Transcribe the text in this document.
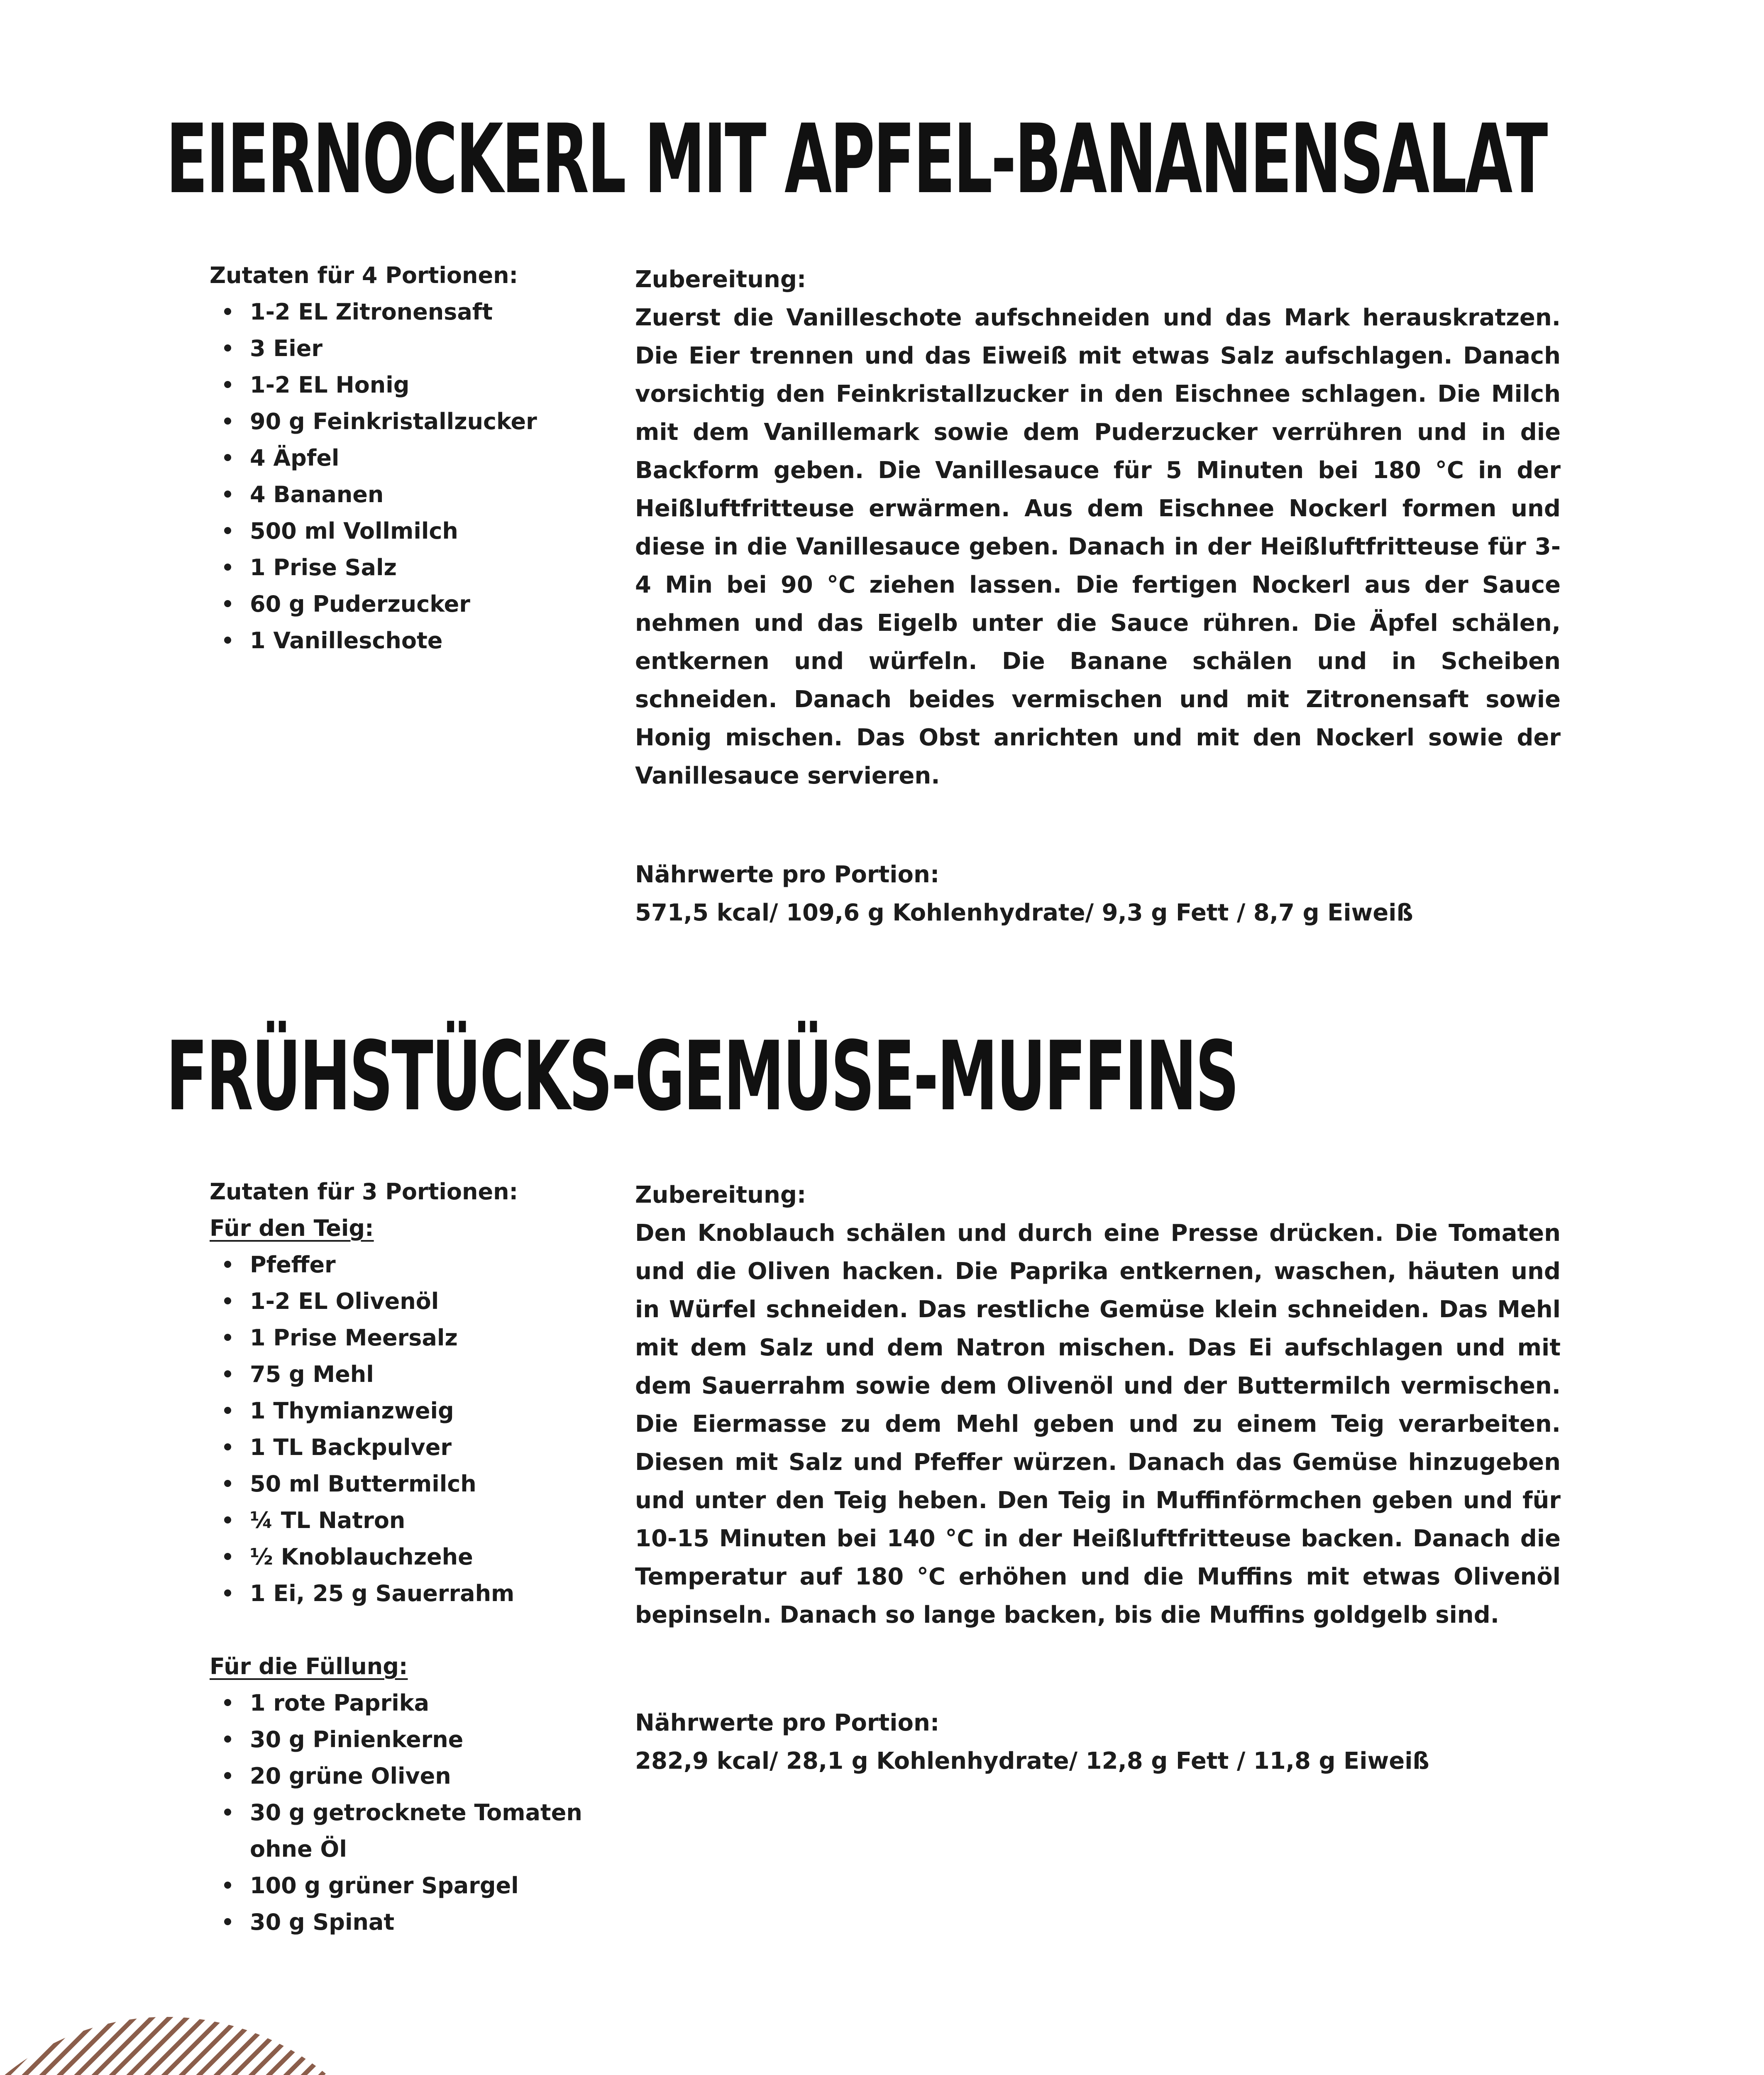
EIERNOCKERL MIT APFEL-BANANENSALAT
Zutaten für 4 Portionen:
1-2 EL Zitronensaft
3 Eier
1-2 EL Honig
90 g Feinkristallzucker
4 Äpfel
4 Bananen
500 ml Vollmilch
1 Prise Salz
60 g Puderzucker
1 Vanilleschote
Zubereitung:

Zuerst die Vanilleschote aufschneiden und das Mark herauskratzen. Die Eier trennen und das Eiweiß mit etwas Salz aufschlagen. Danach vorsichtig den Feinkristallzucker in den Eischnee schlagen. Die Milch mit dem Vanillemark sowie dem Puderzucker verrühren und in die Backform geben. Die Vanillesauce für 5 Minuten bei 180 °C in der Heißluftfritteuse erwärmen. Aus dem Eischnee Nockerl formen und diese in die Vanillesauce geben. Danach in der Heißluftfritteuse für 3-4 Min bei 90 °C ziehen lassen. Die fertigen Nockerl aus der Sauce nehmen und das Eigelb unter die Sauce rühren. Die Äpfel schälen, entkernen und würfeln. Die Banane schälen und in Scheiben schneiden. Danach beides vermischen und mit Zitronensaft sowie Honig mischen. Das Obst anrichten und mit den Nockerl sowie der Vanillesauce servieren.

Nährwerte pro Portion:
571,5 kcal/ 109,6 g Kohlenhydrate/ 9,3 g Fett / 8,7 g Eiweiß
FRÜHSTÜCKS-GEMÜSE-MUFFINS
Zutaten für 3 Portionen:
Für den Teig:
Pfeffer
1-2 EL Olivenöl
1 Prise Meersalz
75 g Mehl
1 Thymianzweig
1 TL Backpulver
50 ml Buttermilch
¼ TL Natron
½ Knoblauchzehe
1 Ei, 25 g Sauerrahm
Für die Füllung:
1 rote Paprika
30 g Pinienkerne
20 grüne Oliven
30 g getrocknete Tomaten ohne Öl
100 g grüner Spargel
30 g Spinat
Zubereitung:

Den Knoblauch schälen und durch eine Presse drücken. Die Tomaten und die Oliven hacken. Die Paprika entkernen, waschen, häuten und in Würfel schneiden. Das restliche Gemüse klein schneiden. Das Mehl mit dem Salz und dem Natron mischen. Das Ei aufschlagen und mit dem Sauerrahm sowie dem Olivenöl und der Buttermilch vermischen. Die Eiermasse zu dem Mehl geben und zu einem Teig verarbeiten. Diesen mit Salz und Pfeffer würzen. Danach das Gemüse hinzugeben und unter den Teig heben. Den Teig in Muffinförmchen geben und für 10-15 Minuten bei 140 °C in der Heißluftfritteuse backen. Danach die Temperatur auf 180 °C erhöhen und die Muffins mit etwas Olivenöl bepinseln. Danach so lange backen, bis die Muffins goldgelb sind.

Nährwerte pro Portion:
282,9 kcal/ 28,1 g Kohlenhydrate/ 12,8 g Fett / 11,8 g Eiweiß
